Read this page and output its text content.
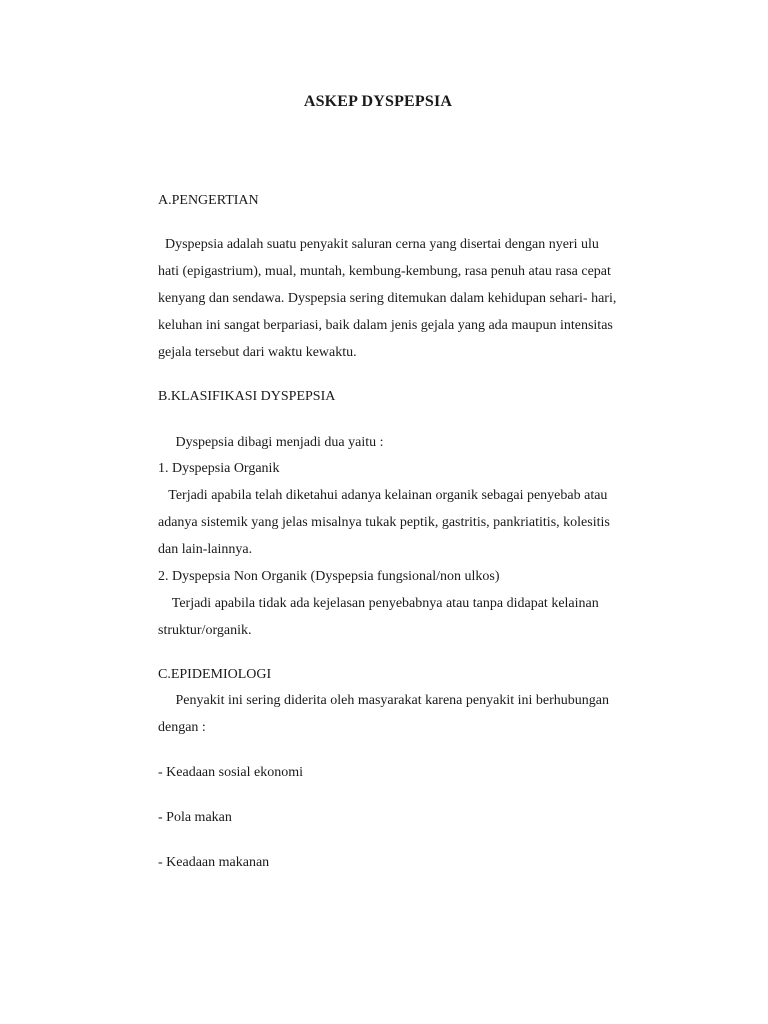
ASKEP DYSPEPSIA
A.PENGERTIAN
Dyspepsia adalah suatu penyakit saluran cerna yang disertai dengan nyeri ulu
hati (epigastrium), mual, muntah, kembung-kembung, rasa penuh atau rasa cepat
kenyang dan sendawa. Dyspepsia sering ditemukan dalam kehidupan sehari- hari,
keluhan ini sangat berpariasi, baik dalam jenis gejala yang ada maupun intensitas
gejala tersebut dari waktu kewaktu.
B.KLASIFIKASI DYSPEPSIA
Dyspepsia dibagi menjadi dua yaitu :
1. Dyspepsia Organik
Terjadi apabila telah diketahui adanya kelainan organik sebagai penyebab atau
adanya sistemik yang jelas misalnya tukak peptik, gastritis, pankriatitis, kolesitis
dan lain-lainnya.
2. Dyspepsia Non Organik (Dyspepsia fungsional/non ulkos)
Terjadi apabila tidak ada kejelasan penyebabnya atau tanpa didapat kelainan
struktur/organik.
C.EPIDEMIOLOGI
Penyakit ini sering diderita oleh masyarakat karena penyakit ini berhubungan
dengan :
- Keadaan sosial ekonomi
- Pola makan
- Keadaan makanan
